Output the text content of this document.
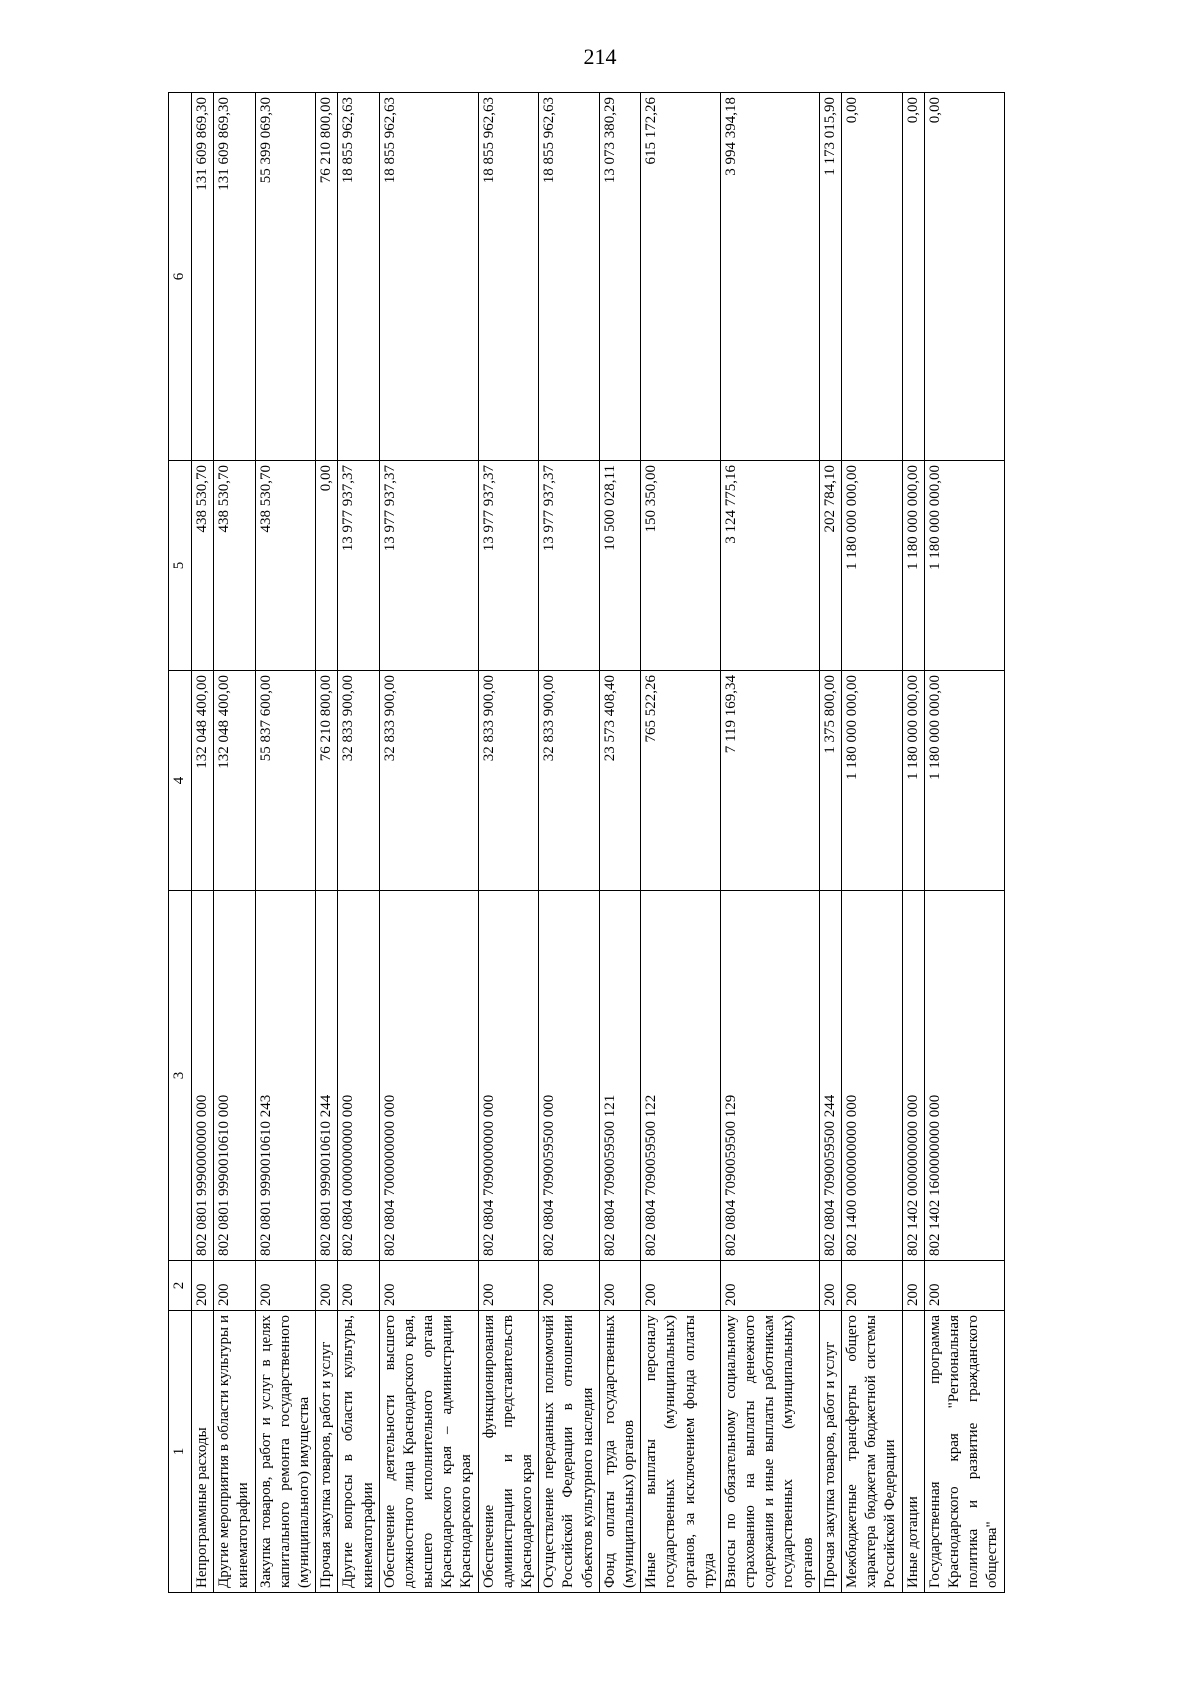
214
1	2	3	4	5	6
Непрограммные расходы	200	802 0801 9990000000 000	132 048 400,00	438 530,70	131 609 869,30
Другие мероприятия в области культуры и кинематографии	200	802 0801 9990010610 000	132 048 400,00	438 530,70	131 609 869,30
Закупка товаров, работ и услуг в целях капитального ремонта государственного (муниципального) имущества	200	802 0801 9990010610 243	55 837 600,00	438 530,70	55 399 069,30
Прочая закупка товаров, работ и услуг	200	802 0801 9990010610 244	76 210 800,00	0,00	76 210 800,00
Другие вопросы в области культуры, кинематографии	200	802 0804 0000000000 000	32 833 900,00	13 977 937,37	18 855 962,63
Обеспечение деятельности высшего должностного лица Краснодарского края, высшего исполнительного органа Краснодарского края – администрации Краснодарского края	200	802 0804 7000000000 000	32 833 900,00	13 977 937,37	18 855 962,63
Обеспечение функционирования администрации и представительств Краснодарского края	200	802 0804 7090000000 000	32 833 900,00	13 977 937,37	18 855 962,63
Осуществление переданных полномочий Российской Федерации в отношении объектов культурного наследия	200	802 0804 7090059500 000	32 833 900,00	13 977 937,37	18 855 962,63
Фонд оплаты труда государственных (муниципальных) органов	200	802 0804 7090059500 121	23 573 408,40	10 500 028,11	13 073 380,29
Иные выплаты персоналу государственных (муниципальных) органов, за исключением фонда оплаты труда	200	802 0804 7090059500 122	765 522,26	150 350,00	615 172,26
Взносы по обязательному социальному страхованию на выплаты денежного содержания и иные выплаты работникам государственных (муниципальных) органов	200	802 0804 7090059500 129	7 119 169,34	3 124 775,16	3 994 394,18
Прочая закупка товаров, работ и услуг	200	802 0804 7090059500 244	1 375 800,00	202 784,10	1 173 015,90
Межбюджетные трансферты общего характера бюджетам бюджетной системы Российской Федерации	200	802 1400 0000000000 000	1 180 000 000,00	1 180 000 000,00	0,00
Иные дотации	200	802 1402 0000000000 000	1 180 000 000,00	1 180 000 000,00	0,00
Государственная программа Краснодарского края "Региональная политика и развитие гражданского общества"	200	802 1402 1600000000 000	1 180 000 000,00	1 180 000 000,00	0,00
